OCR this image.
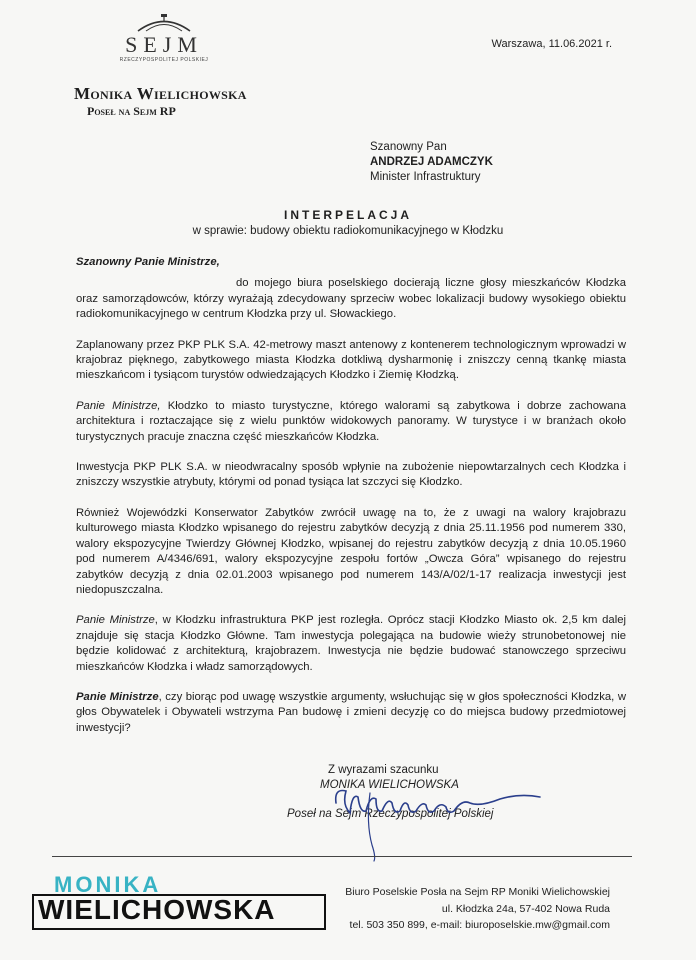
SEJM
RZECZYPOSPOLITEJ POLSKIEJ
Warszawa, 11.06.2021 r.
Monika Wielichowska
Poseł na Sejm RP
Szanowny Pan
ANDRZEJ ADAMCZYK
Minister Infrastruktury
INTERPELACJA
w sprawie: budowy obiektu radiokomunikacyjnego w Kłodzku

Szanowny Panie Ministrze,

do mojego biura poselskiego docierają liczne głosy mieszkańców Kłodzka oraz samorządowców, którzy wyrażają zdecydowany sprzeciw wobec lokalizacji budowy wysokiego obiektu radiokomunikacyjnego w centrum Kłodzka przy ul. Słowackiego.

Zaplanowany przez PKP PLK S.A. 42-metrowy maszt antenowy z kontenerem technologicznym wprowadzi w krajobraz pięknego, zabytkowego miasta Kłodzka dotkliwą dysharmonię i zniszczy cenną tkankę miasta mieszkańcom i tysiącom turystów odwiedzających Kłodzko i Ziemię Kłodzką.

Panie Ministrze, Kłodzko to miasto turystyczne, którego walorami są zabytkowa i dobrze zachowana architektura i roztaczające się z wielu punktów widokowych panoramy. W turystyce i w branżach około turystycznych pracuje znaczna część mieszkańców Kłodzka.

Inwestycja PKP PLK S.A. w nieodwracalny sposób wpłynie na zubożenie niepowtarzalnych cech Kłodzka i zniszczy wszystkie atrybuty, którymi od ponad tysiąca lat szczyci się Kłodzko.

Również Wojewódzki Konserwator Zabytków zwrócił uwagę na to, że z uwagi na walory krajobrazu kulturowego miasta Kłodzko wpisanego do rejestru zabytków decyzją z dnia 25.11.1956 pod numerem 330, walory ekspozycyjne Twierdzy Głównej Kłodzko, wpisanej do rejestru zabytków decyzją z dnia 10.05.1960 pod numerem A/4346/691, walory ekspozycyjne zespołu fortów „Owcza Góra” wpisanego do rejestru zabytków decyzją z dnia 02.01.2003 wpisanego pod numerem 143/A/02/1-17 realizacja inwestycji jest niedopuszczalna.

Panie Ministrze, w Kłodzku infrastruktura PKP jest rozległa. Oprócz stacji Kłodzko Miasto ok. 2,5 km dalej znajduje się stacja Kłodzko Główne. Tam inwestycja polegająca na budowie wieży strunobetonowej nie będzie kolidować z architekturą, krajobrazem. Inwestycja nie będzie budować stanowczego sprzeciwu mieszkańców Kłodzka i władz samorządowych.

Panie Ministrze, czy biorąc pod uwagę wszystkie argumenty, wsłuchując się w głos społeczności Kłodzka, w głos Obywatelek i Obywateli wstrzyma Pan budowę i zmieni decyzję co do miejsca budowy przedmiotowej inwestycji?

Z wyrazami szacunku
MONIKA WIELICHOWSKA
Poseł na Sejm Rzeczypospolitej Polskiej
MONIKA
WIELICHOWSKA
Biuro Poselskie Posła na Sejm RP Moniki Wielichowskiej
ul. Kłodzka 24a, 57-402 Nowa Ruda
tel. 503 350 899, e-mail: biuroposelskie.mw@gmail.com
